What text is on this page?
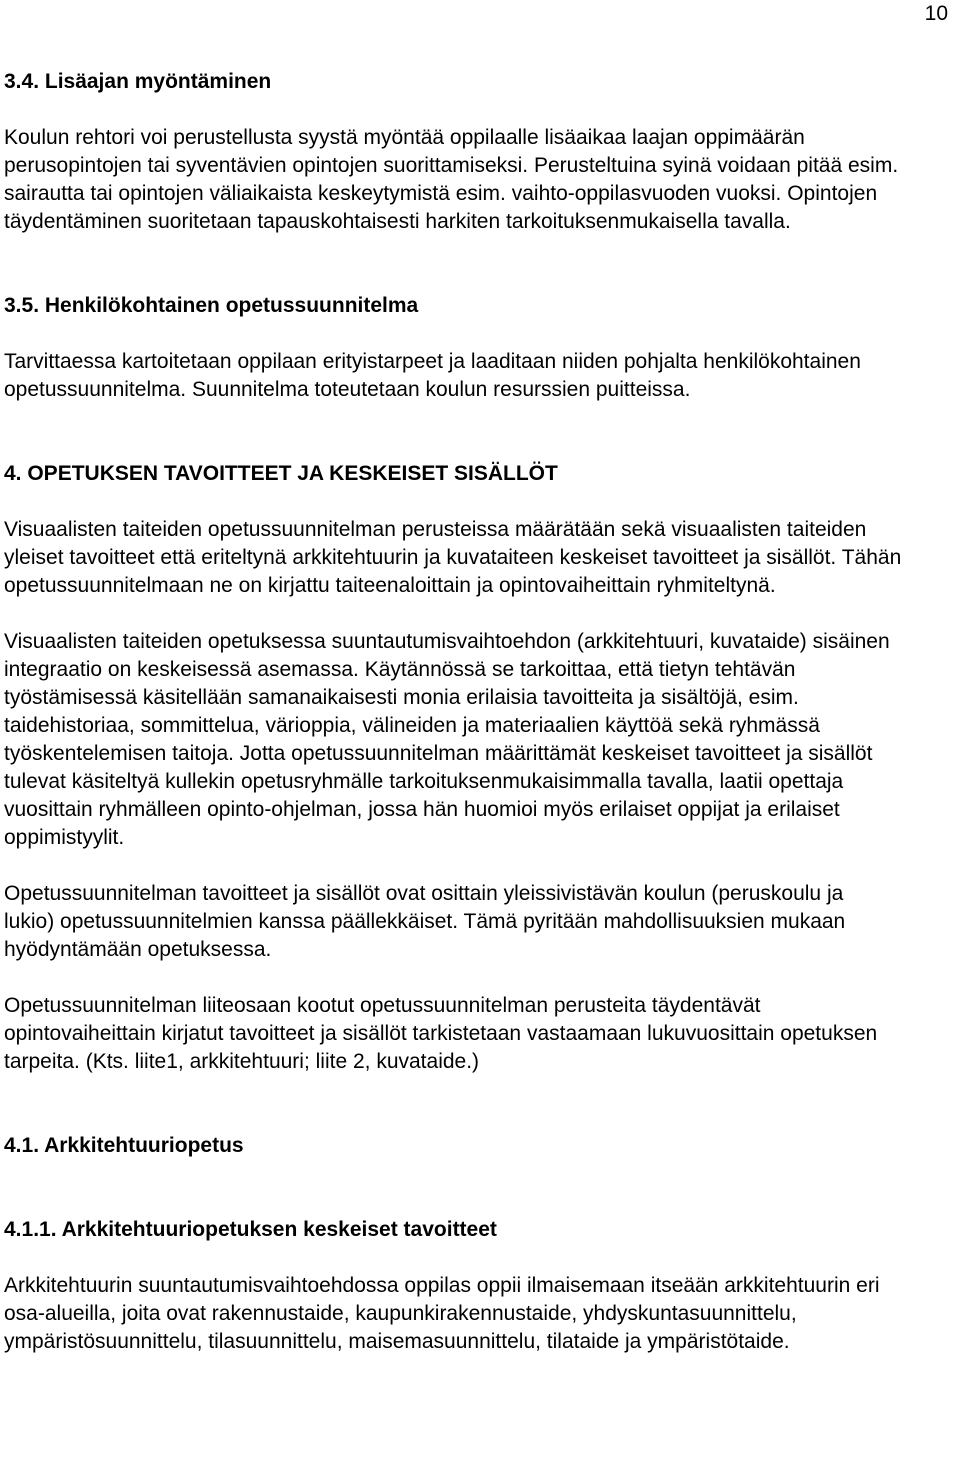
10
3.4. Lisäajan myöntäminen

Koulun rehtori voi perustellusta syystä myöntää oppilaalle lisäaikaa laajan oppimäärän perusopintojen tai syventävien opintojen suorittamiseksi. Perusteltuina syinä voidaan pitää esim. sairautta tai opintojen väliaikaista keskeytymistä esim. vaihto-oppilasvuoden vuoksi. Opintojen täydentäminen suoritetaan tapauskohtaisesti harkiten tarkoituksenmukaisella tavalla.

3.5. Henkilökohtainen opetussuunnitelma

Tarvittaessa kartoitetaan oppilaan erityistarpeet ja laaditaan niiden pohjalta henkilökohtainen opetussuunnitelma. Suunnitelma toteutetaan koulun resurssien puitteissa.

4. OPETUKSEN TAVOITTEET JA KESKEISET SISÄLLÖT

Visuaalisten taiteiden opetussuunnitelman perusteissa määrätään sekä visuaalisten taiteiden yleiset tavoitteet että eriteltynä arkkitehtuurin ja kuvataiteen keskeiset tavoitteet ja sisällöt. Tähän opetussuunnitelmaan ne on kirjattu taiteenaloittain ja opintovaiheittain ryhmiteltynä.

Visuaalisten taiteiden opetuksessa suuntautumisvaihtoehdon (arkkitehtuuri, kuvataide) sisäinen integraatio on keskeisessä asemassa. Käytännössä se tarkoittaa, että tietyn tehtävän työstämisessä käsitellään samanaikaisesti monia erilaisia tavoitteita ja sisältöjä, esim. taidehistoriaa, sommittelua, värioppia, välineiden ja materiaalien käyttöä sekä ryhmässä työskentelemisen taitoja. Jotta opetussuunnitelman määrittämät keskeiset tavoitteet ja sisällöt tulevat käsiteltyä kullekin opetusryhmälle tarkoituksenmukaisimmalla tavalla, laatii opettaja vuosittain ryhmälleen opinto-ohjelman, jossa hän huomioi myös erilaiset oppijat ja erilaiset oppimistyylit.

Opetussuunnitelman tavoitteet ja sisällöt ovat osittain yleissivistävän koulun (peruskoulu ja lukio) opetussuunnitelmien kanssa päällekkäiset. Tämä pyritään mahdollisuuksien mukaan hyödyntämään opetuksessa.

Opetussuunnitelman liiteosaan kootut opetussuunnitelman perusteita täydentävät opintovaiheittain kirjatut tavoitteet ja sisällöt tarkistetaan vastaamaan lukuvuosittain opetuksen tarpeita. (Kts. liite1, arkkitehtuuri; liite 2, kuvataide.)

4.1. Arkkitehtuuriopetus
4.1.1. Arkkitehtuuriopetuksen keskeiset tavoitteet

Arkkitehtuurin suuntautumisvaihtoehdossa oppilas oppii ilmaisemaan itseään arkkitehtuurin eri osa-alueilla, joita ovat rakennustaide, kaupunkirakennustaide, yhdyskuntasuunnittelu, ympäristösuunnittelu, tilasuunnittelu, maisemasuunnittelu, tilataide ja ympäristötaide.
